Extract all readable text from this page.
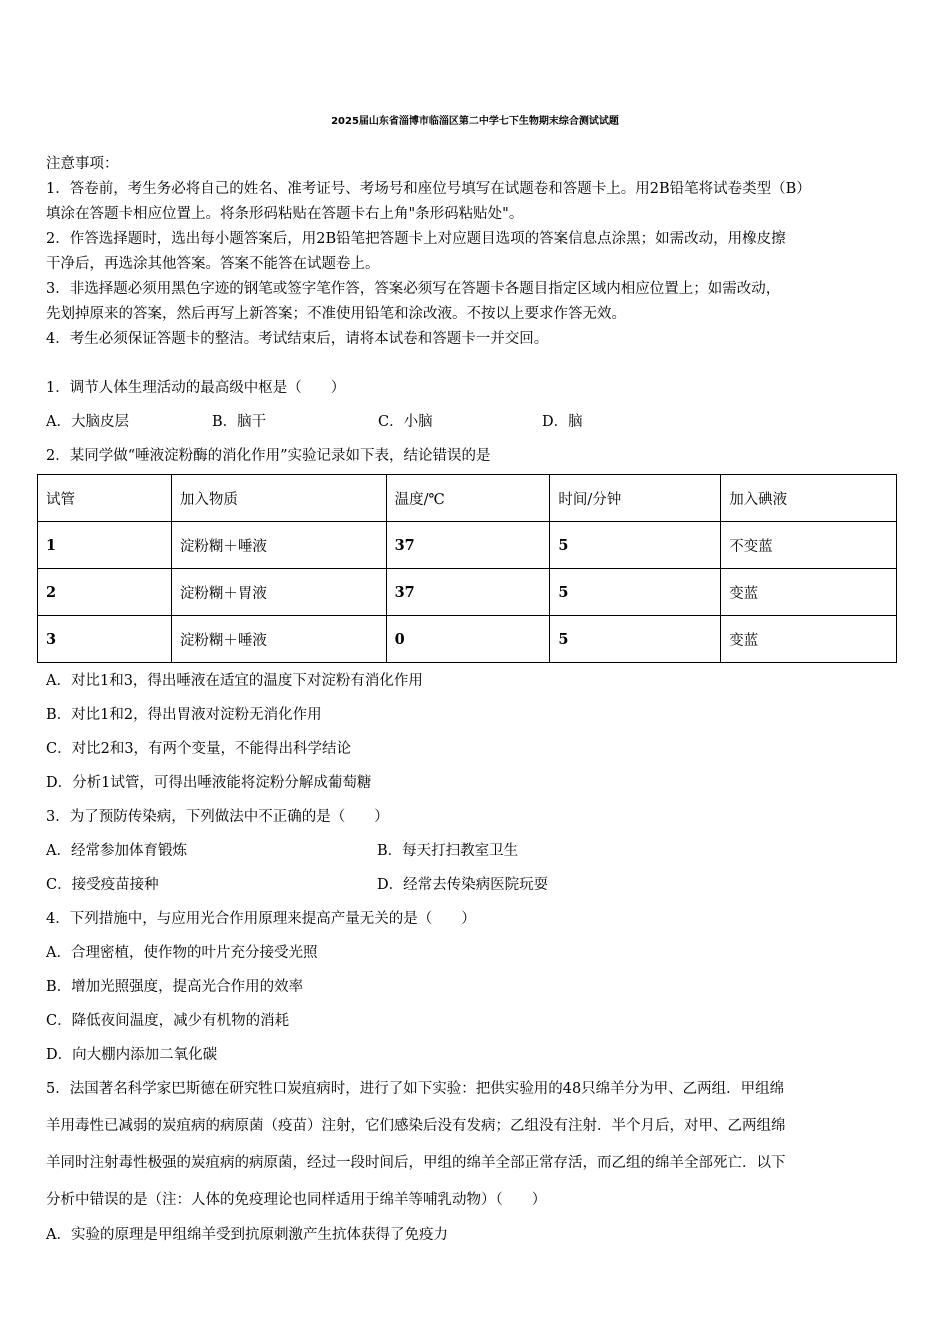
2025届山东省淄博市临淄区第二中学七下生物期末综合测试试题
注意事项：
1．答卷前，考生务必将自己的姓名、准考证号、考场号和座位号填写在试题卷和答题卡上。用2B铅笔将试卷类型（B）
填涂在答题卡相应位置上。将条形码粘贴在答题卡右上角"条形码粘贴处"。
2．作答选择题时，选出每小题答案后，用2B铅笔把答题卡上对应题目选项的答案信息点涂黑；如需改动，用橡皮擦
干净后，再选涂其他答案。答案不能答在试题卷上。
3．非选择题必须用黑色字迹的钢笔或签字笔作答，答案必须写在答题卡各题目指定区域内相应位置上；如需改动，
先划掉原来的答案，然后再写上新答案；不准使用铅笔和涂改液。不按以上要求作答无效。
4．考生必须保证答题卡的整洁。考试结束后，请将本试卷和答题卡一并交回。
1．调节人体生理活动的最高级中枢是（　　）
A．大脑皮层	B．脑干	C．小脑	D．脑
2．某同学做“唾液淀粉酶的消化作用”实验记录如下表，结论错误的是
试管	加入物质	温度/℃	时间/分钟	加入碘液
1	淀粉糊＋唾液	37	5	不变蓝
2	淀粉糊＋胃液	37	5	变蓝
3	淀粉糊＋唾液	0	5	变蓝
A．对比1和3，得出唾液在适宜的温度下对淀粉有消化作用
B．对比1和2，得出胃液对淀粉无消化作用
C．对比2和3，有两个变量，不能得出科学结论
D．分析1试管，可得出唾液能将淀粉分解成葡萄糖
3．为了预防传染病，下列做法中不正确的是（　　）
A．经常参加体育锻炼	B．每天打扫教室卫生
C．接受疫苗接种	D．经常去传染病医院玩耍
4．下列措施中，与应用光合作用原理来提高产量无关的是（　　）
A．合理密植，使作物的叶片充分接受光照
B．增加光照强度，提高光合作用的效率
C．降低夜间温度，减少有机物的消耗
D．向大棚内添加二氧化碳
5．法国著名科学家巴斯德在研究牲口炭疽病时，进行了如下实验：把供实验用的48只绵羊分为甲、乙两组．甲组绵
羊用毒性已减弱的炭疽病的病原菌（疫苗）注射，它们感染后没有发病；乙组没有注射．半个月后，对甲、乙两组绵
羊同时注射毒性极强的炭疽病的病原菌，经过一段时间后，甲组的绵羊全部正常存活，而乙组的绵羊全部死亡．以下
分析中错误的是（注：人体的免疫理论也同样适用于绵羊等哺乳动物）（　　）
A．实验的原理是甲组绵羊受到抗原刺激产生抗体获得了免疫力
